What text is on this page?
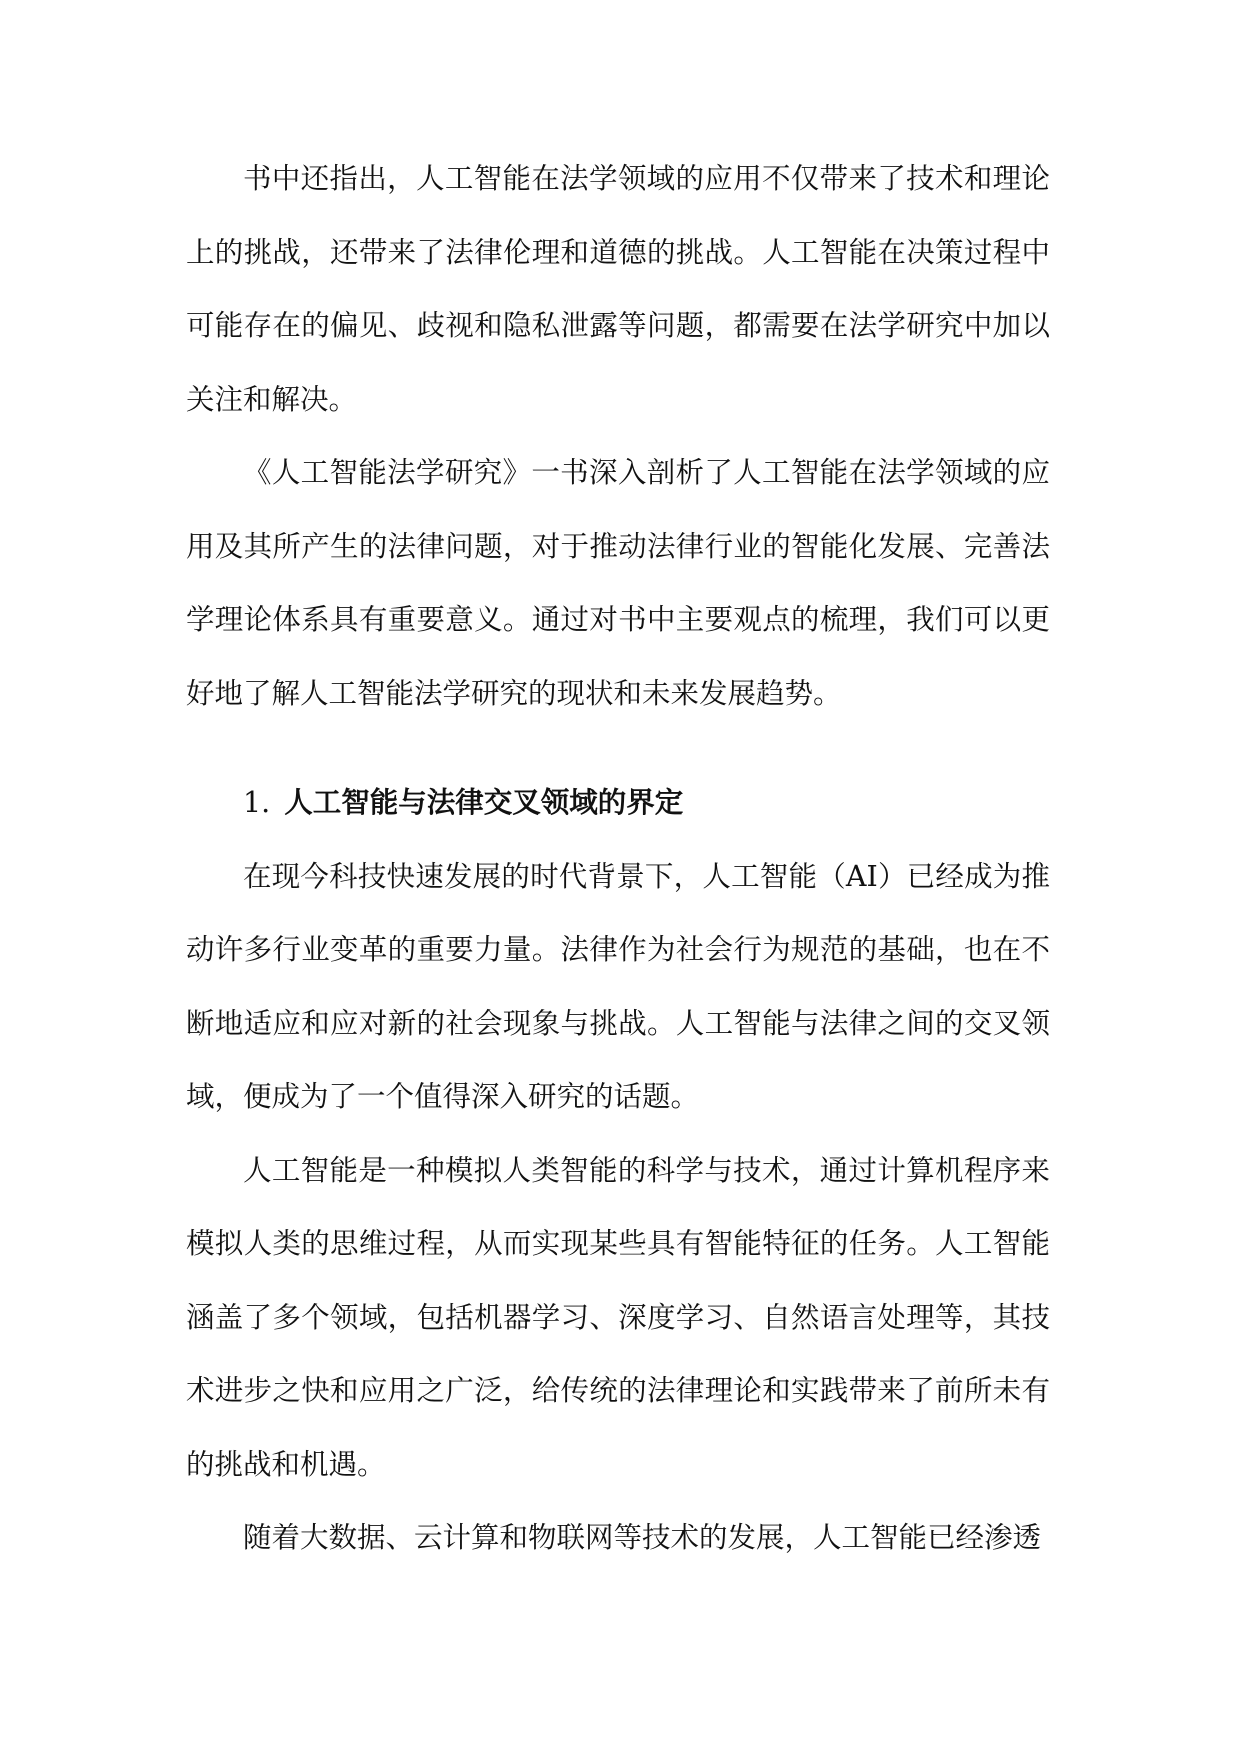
书中还指出，人工智能在法学领域的应用不仅带来了技术和理论上的挑战，还带来了法律伦理和道德的挑战。人工智能在决策过程中可能存在的偏见、歧视和隐私泄露等问题，都需要在法学研究中加以关注和解决。

《人工智能法学研究》一书深入剖析了人工智能在法学领域的应用及其所产生的法律问题，对于推动法律行业的智能化发展、完善法学理论体系具有重要意义。通过对书中主要观点的梳理，我们可以更好地了解人工智能法学研究的现状和未来发展趋势。

1. 人工智能与法律交叉领域的界定

在现今科技快速发展的时代背景下，人工智能（AI）已经成为推动许多行业变革的重要力量。法律作为社会行为规范的基础，也在不断地适应和应对新的社会现象与挑战。人工智能与法律之间的交叉领域，便成为了一个值得深入研究的话题。

人工智能是一种模拟人类智能的科学与技术，通过计算机程序来模拟人类的思维过程，从而实现某些具有智能特征的任务。人工智能涵盖了多个领域，包括机器学习、深度学习、自然语言处理等，其技术进步之快和应用之广泛，给传统的法律理论和实践带来了前所未有的挑战和机遇。

随着大数据、云计算和物联网等技术的发展，人工智能已经渗透
